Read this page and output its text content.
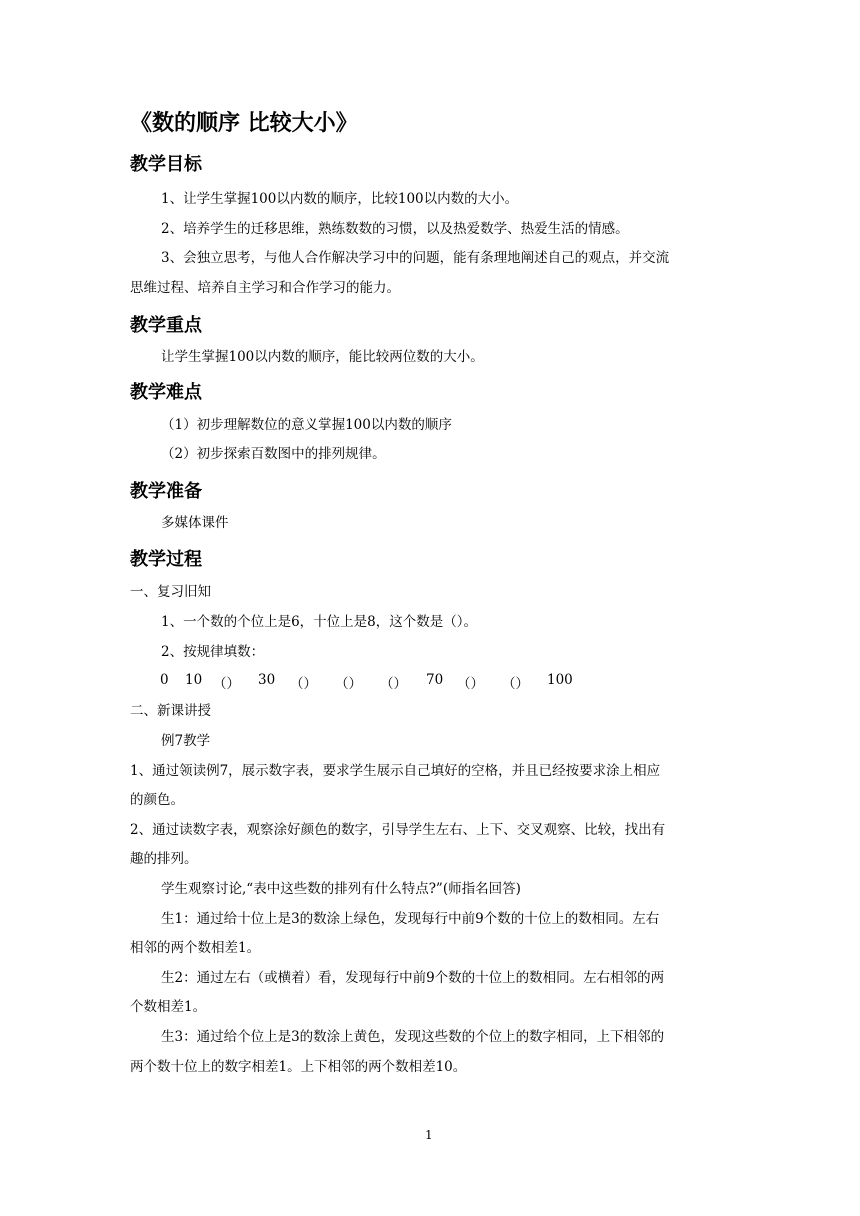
《数的顺序 比较大小》
教学目标
1、让学生掌握100以内数的顺序，比较100以内数的大小。
2、培养学生的迁移思维，熟练数数的习惯，以及热爱数学、热爱生活的情感。
3、会独立思考，与他人合作解决学习中的问题，能有条理地阐述自己的观点，并交流
思维过程、培养自主学习和合作学习的能力。
教学重点
让学生掌握100以内数的顺序，能比较两位数的大小。
教学难点
（1）初步理解数位的意义掌握100以内数的顺序
（2）初步探索百数图中的排列规律。
教学准备
多媒体课件
教学过程
一、复习旧知
1、一个数的个位上是6，十位上是8，这个数是（）。
2、按规律填数：
0 10 （） 30 （） （） （） 70 （） （） 100
二、新课讲授
例7教学
1、通过领读例7，展示数字表，要求学生展示自己填好的空格，并且已经按要求涂上相应
的颜色。
2、通过读数字表，观察涂好颜色的数字，引导学生左右、上下、交叉观察、比较，找出有
趣的排列。
学生观察讨论,“表中这些数的排列有什么特点?”(师指名回答)
生1：通过给十位上是3的数涂上绿色，发现每行中前9个数的十位上的数相同。左右
相邻的两个数相差1。
生2：通过左右（或横着）看，发现每行中前9个数的十位上的数相同。左右相邻的两
个数相差1。
生3：通过给个位上是3的数涂上黄色，发现这些数的个位上的数字相同，上下相邻的
两个数十位上的数字相差1。上下相邻的两个数相差10。
1
